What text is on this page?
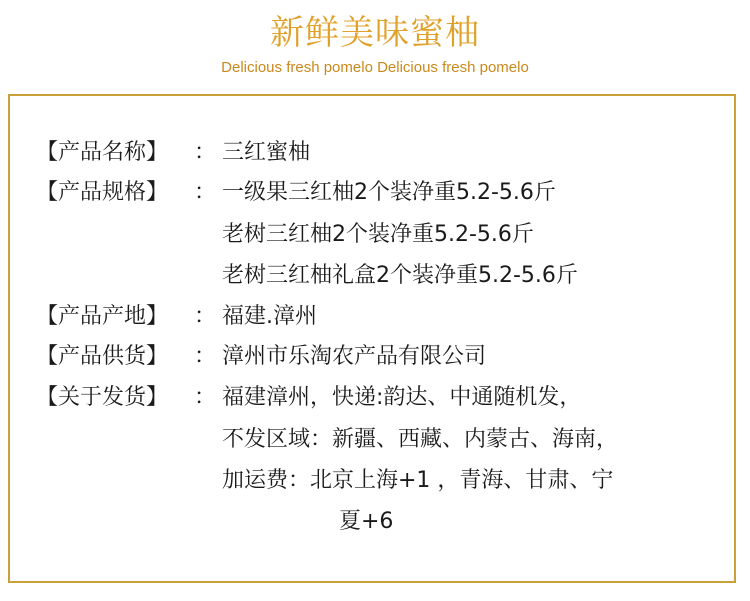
新鲜美味蜜柚
Delicious fresh pomelo Delicious fresh pomelo
【产品名称】	： 三红蜜柚
【产品规格】	： 一级果三红柚2个装净重5.2-5.6斤
老树三红柚2个装净重5.2-5.6斤
老树三红柚礼盒2个装净重5.2-5.6斤
【产品产地】	： 福建.漳州
【产品供货】	： 漳州市乐淘农产品有限公司
【关于发货】	： 福建漳州，快递:韵达、中通随机发，
不发区域：新疆、西藏、内蒙古、海南，
加运费：北京上海+1 ，青海、甘肃、宁
夏+6
